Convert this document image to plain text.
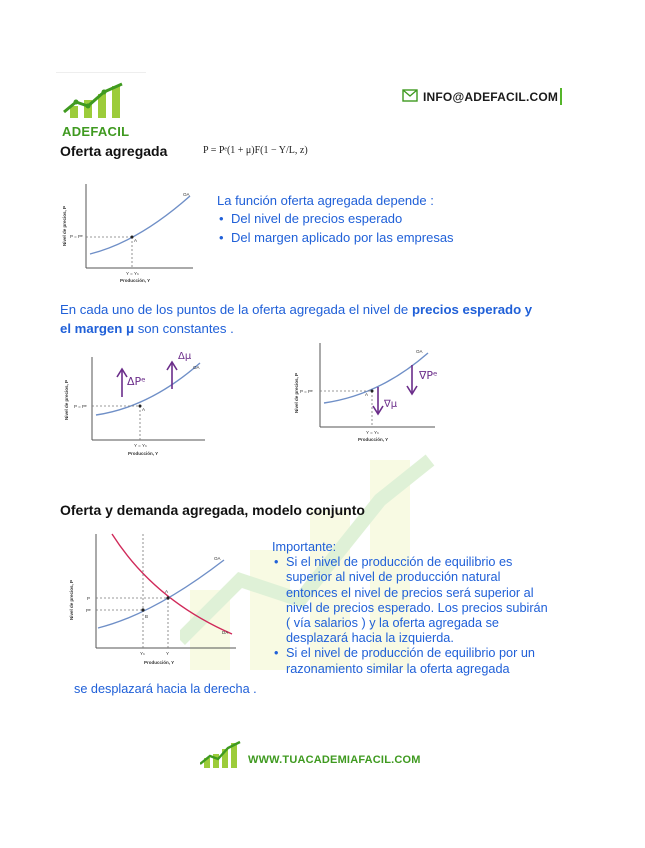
ADEFACIL
INFO@ADEFACIL.COM
Oferta agregada	P = Pᵉ(1 + μ)F(1 − Y/L, z)
Nivel de precios, P	A
OA
P = Pᵉ
Y = Yₙ
Producción, Y
La función oferta agregada depende :
• Del nivel de precios esperado
• Del margen aplicado por las empresas
En cada uno de los puntos de la oferta agregada el nivel de precios esperado y
el margen μ son constantes .
Nivel de precios, P	A
OA
P = Pᵉ
Y = Yₙ
Producción, Y
ΔPᵉ
Δμ
Nivel de precios, P	A
OA
P = Pᵉ
Y = Yₙ
Producción, Y
∇μ
∇Pᵉ
Oferta y demanda agregada, modelo conjunto
Nivel de precios, P	A
B
OA
DA
P
Pᵉ
Yₙ	Y
Producción, Y
Importante:
• Si el nivel de producción de equilibrio es superior al nivel de producción natural entonces el nivel de precios será superior al nivel de precios esperado. Los precios subirán ( vía salarios ) y la oferta agregada se desplazará hacia la izquierda.
• Si el nivel de producción de equilibrio por un razonamiento similar la oferta agregada
se desplazará hacia la derecha .
WWW.TUACADEMIAFACIL.COM
